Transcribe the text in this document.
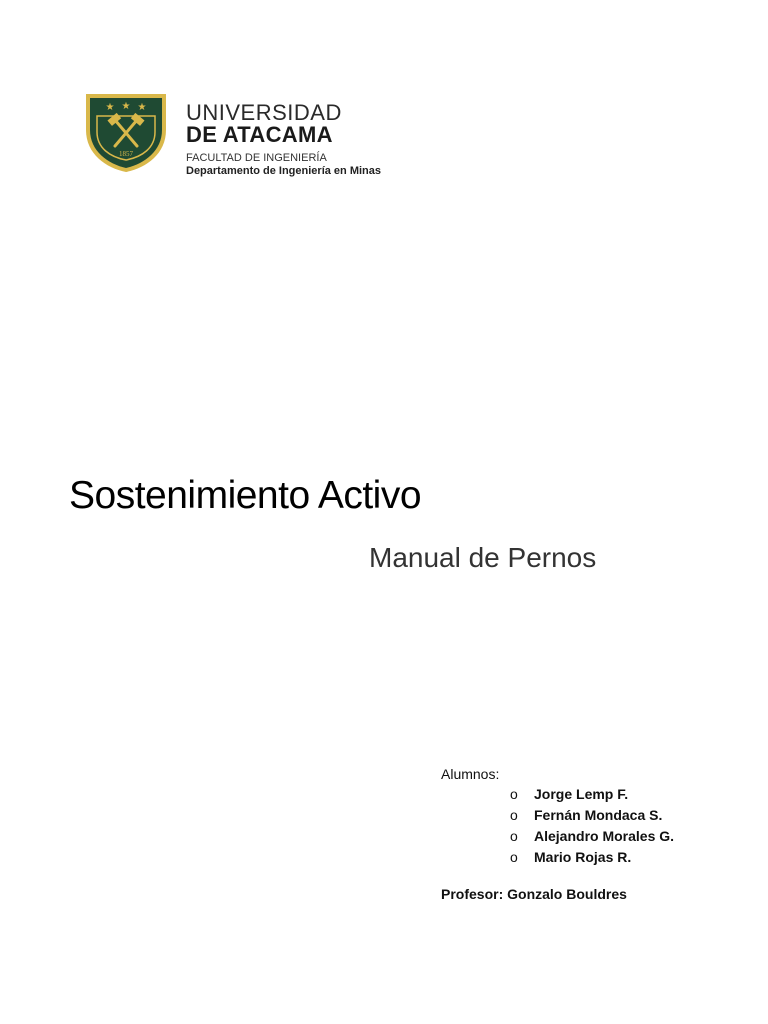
★ ★ ★
1857
UNIVERSIDAD
DE ATACAMA
FACULTAD DE INGENIERÍA
Departamento de Ingeniería en Minas
Sostenimiento Activo
Manual de Pernos
Alumnos:
o	Jorge Lemp F.
o	Fernán Mondaca S.
o	Alejandro Morales G.
o	Mario Rojas R.
Profesor: Gonzalo Bouldres
